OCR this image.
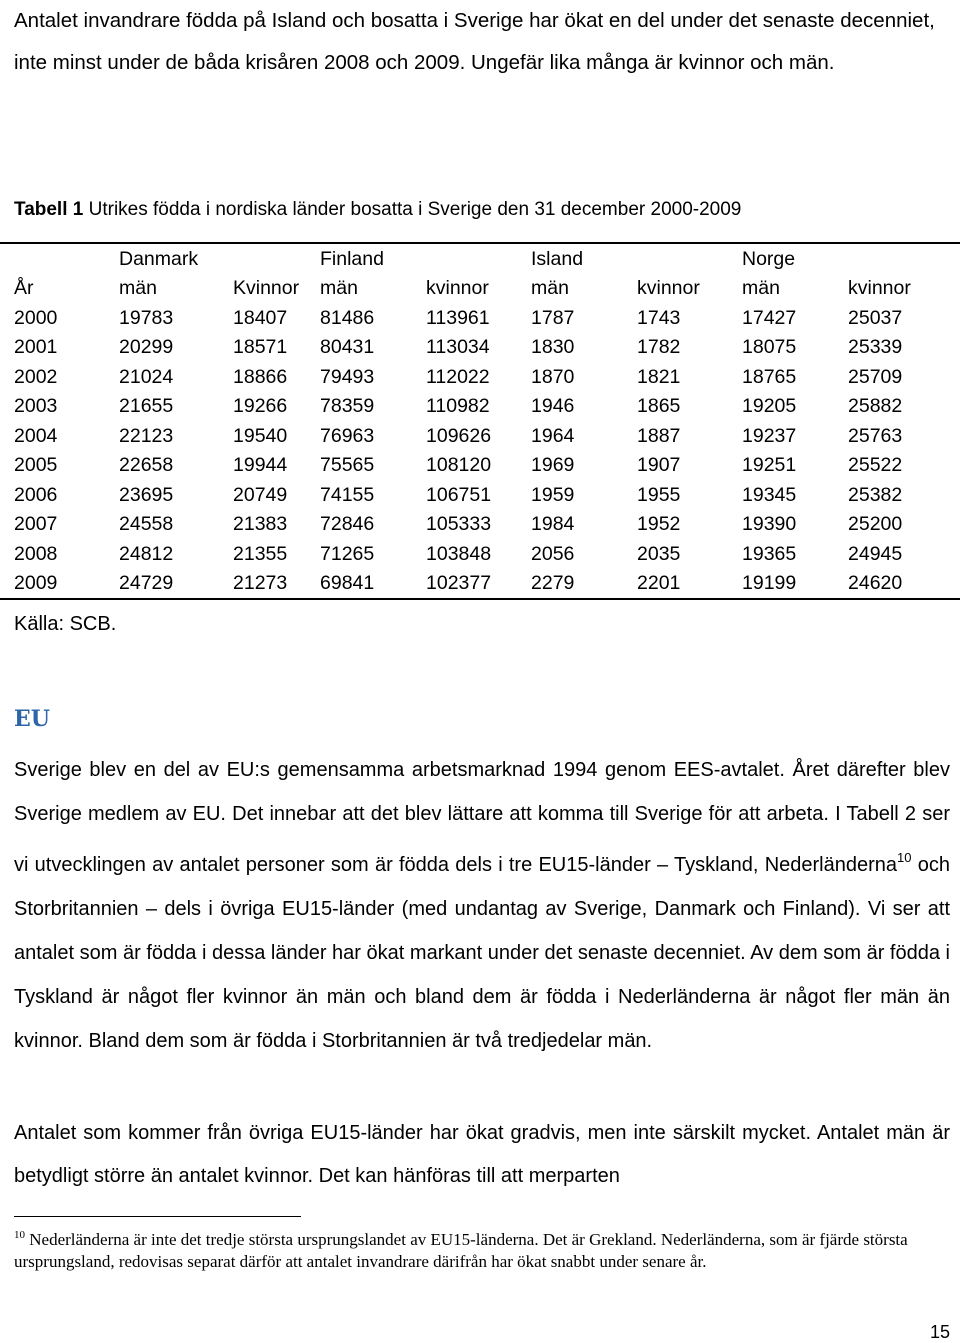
Antalet invandrare födda på Island och bosatta i Sverige har ökat en del under det senaste decenniet, inte minst under de båda krisåren 2008 och 2009. Ungefär lika många är kvinnor och män.

Tabell 1 Utrikes födda i nordiska länder bosatta i Sverige den 31 december 2000-2009

	Danmark		Finland		Island		Norge	
År	män	Kvinnor	män	kvinnor	män	kvinnor	män	kvinnor
2000	19783	18407	81486	113961	1787	1743	17427	25037
2001	20299	18571	80431	113034	1830	1782	18075	25339
2002	21024	18866	79493	112022	1870	1821	18765	25709
2003	21655	19266	78359	110982	1946	1865	19205	25882
2004	22123	19540	76963	109626	1964	1887	19237	25763
2005	22658	19944	75565	108120	1969	1907	19251	25522
2006	23695	20749	74155	106751	1959	1955	19345	25382
2007	24558	21383	72846	105333	1984	1952	19390	25200
2008	24812	21355	71265	103848	2056	2035	19365	24945
2009	24729	21273	69841	102377	2279	2201	19199	24620

Källa: SCB.

EU

Sverige blev en del av EU:s gemensamma arbetsmarknad 1994 genom EES-avtalet. Året därefter blev Sverige medlem av EU. Det innebar att det blev lättare att komma till Sverige för att arbeta. I Tabell 2 ser vi utvecklingen av antalet personer som är födda dels i tre EU15-länder – Tyskland, Nederländerna$^{10}$ och Storbritannien – dels i övriga EU15-länder (med undantag av Sverige, Danmark och Finland). Vi ser att antalet som är födda i dessa länder har ökat markant under det senaste decenniet. Av dem som är födda i Tyskland är något fler kvinnor än män och bland dem är födda i Nederländerna är något fler män än kvinnor. Bland dem som är födda i Storbritannien är två tredjedelar män.

Antalet som kommer från övriga EU15-länder har ökat gradvis, men inte särskilt mycket. Antalet män är betydligt större än antalet kvinnor. Det kan hänföras till att merparten

$^{10}$ Nederländerna är inte det tredje största ursprungslandet av EU15-länderna. Det är Grekland. Nederländerna, som är fjärde största ursprungsland, redovisas separat därför att antalet invandrare därifrån har ökat snabbt under senare år.

15
